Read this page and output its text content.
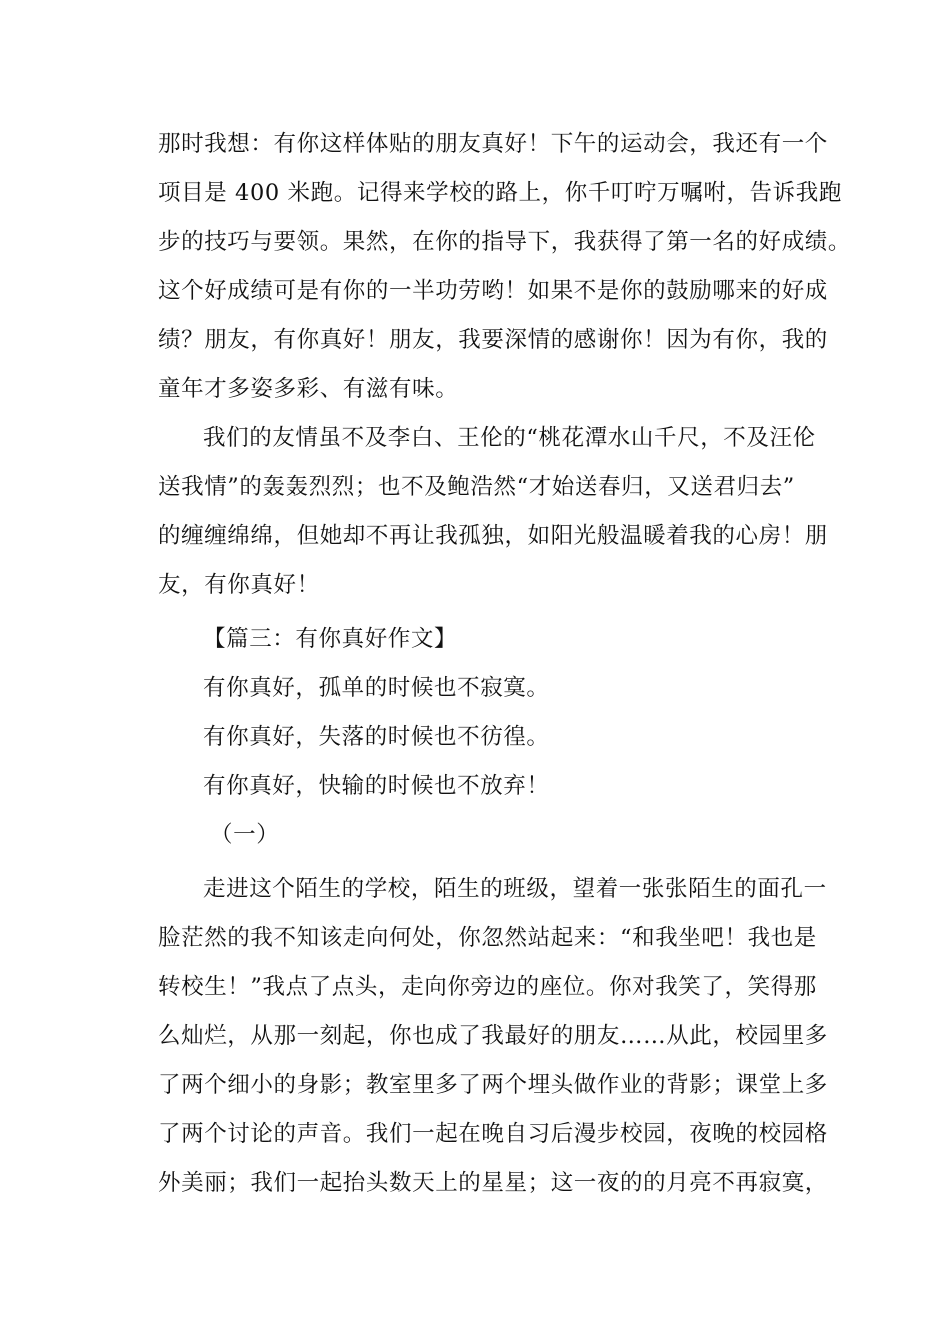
那时我想：有你这样体贴的朋友真好！下午的运动会，我还有一个
项目是 400 米跑。记得来学校的路上，你千叮咛万嘱咐，告诉我跑
步的技巧与要领。果然，在你的指导下，我获得了第一名的好成绩。
这个好成绩可是有你的一半功劳哟！如果不是你的鼓励哪来的好成
绩？朋友，有你真好！朋友，我要深情的感谢你！因为有你，我的
童年才多姿多彩、有滋有味。
我们的友情虽不及李白、王伦的“桃花潭水山千尺，不及汪伦
送我情”的轰轰烈烈；也不及鲍浩然“才始送春归，又送君归去”
的缠缠绵绵，但她却不再让我孤独，如阳光般温暖着我的心房！朋
友，有你真好！
【篇三：有你真好作文】
有你真好，孤单的时候也不寂寞。
有你真好，失落的时候也不彷徨。
有你真好，快输的时候也不放弃！
（一）
走进这个陌生的学校，陌生的班级，望着一张张陌生的面孔一
脸茫然的我不知该走向何处，你忽然站起来：“和我坐吧！我也是
转校生！”我点了点头，走向你旁边的座位。你对我笑了，笑得那
么灿烂，从那一刻起，你也成了我最好的朋友……从此，校园里多
了两个细小的身影；教室里多了两个埋头做作业的背影；课堂上多
了两个讨论的声音。我们一起在晚自习后漫步校园，夜晚的校园格
外美丽；我们一起抬头数天上的星星；这一夜的的月亮不再寂寞，
